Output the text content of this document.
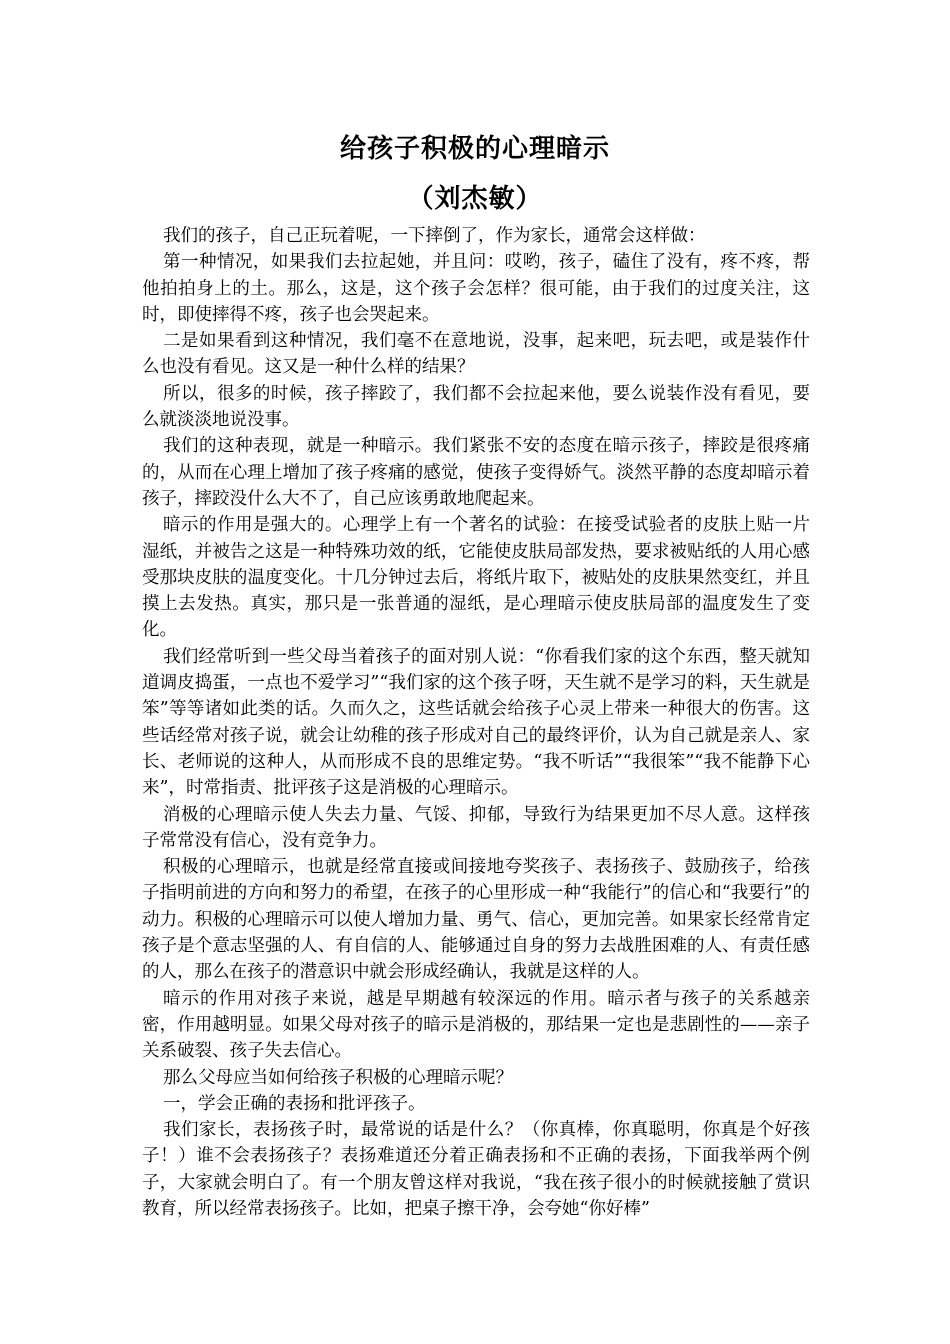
给孩子积极的心理暗示
（刘杰敏）

我们的孩子，自己正玩着呢，一下摔倒了，作为家长，通常会这样做：

第一种情况，如果我们去拉起她，并且问：哎哟，孩子，磕住了没有，疼不疼，帮他拍拍身上的土。那么，这是，这个孩子会怎样？很可能，由于我们的过度关注，这时，即使摔得不疼，孩子也会哭起来。

二是如果看到这种情况，我们毫不在意地说，没事，起来吧，玩去吧，或是装作什么也没有看见。这又是一种什么样的结果？

所以，很多的时候，孩子摔跤了，我们都不会拉起来他，要么说装作没有看见，要么就淡淡地说没事。

我们的这种表现，就是一种暗示。我们紧张不安的态度在暗示孩子，摔跤是很疼痛的，从而在心理上增加了孩子疼痛的感觉，使孩子变得娇气。淡然平静的态度却暗示着孩子，摔跤没什么大不了，自己应该勇敢地爬起来。

暗示的作用是强大的。心理学上有一个著名的试验：在接受试验者的皮肤上贴一片湿纸，并被告之这是一种特殊功效的纸，它能使皮肤局部发热，要求被贴纸的人用心感受那块皮肤的温度变化。十几分钟过去后，将纸片取下，被贴处的皮肤果然变红，并且摸上去发热。真实，那只是一张普通的湿纸，是心理暗示使皮肤局部的温度发生了变化。

我们经常听到一些父母当着孩子的面对别人说：“你看我们家的这个东西，整天就知道调皮捣蛋，一点也不爱学习”“我们家的这个孩子呀，天生就不是学习的料，天生就是笨”等等诸如此类的话。久而久之，这些话就会给孩子心灵上带来一种很大的伤害。这些话经常对孩子说，就会让幼稚的孩子形成对自己的最终评价，认为自己就是亲人、家长、老师说的这种人，从而形成不良的思维定势。“我不听话”“我很笨”“我不能静下心来”，时常指责、批评孩子这是消极的心理暗示。

消极的心理暗示使人失去力量、气馁、抑郁，导致行为结果更加不尽人意。这样孩子常常没有信心，没有竞争力。

积极的心理暗示，也就是经常直接或间接地夸奖孩子、表扬孩子、鼓励孩子，给孩子指明前进的方向和努力的希望，在孩子的心里形成一种“我能行”的信心和“我要行”的动力。积极的心理暗示可以使人增加力量、勇气、信心，更加完善。如果家长经常肯定孩子是个意志坚强的人、有自信的人、能够通过自身的努力去战胜困难的人、有责任感的人，那么在孩子的潜意识中就会形成经确认，我就是这样的人。

暗示的作用对孩子来说，越是早期越有较深远的作用。暗示者与孩子的关系越亲密，作用越明显。如果父母对孩子的暗示是消极的，那结果一定也是悲剧性的——亲子关系破裂、孩子失去信心。

那么父母应当如何给孩子积极的心理暗示呢？

一，学会正确的表扬和批评孩子。

我们家长，表扬孩子时，最常说的话是什么？（你真棒，你真聪明，你真是个好孩子！）谁不会表扬孩子？表扬难道还分着正确表扬和不正确的表扬，下面我举两个例子，大家就会明白了。有一个朋友曾这样对我说，“我在孩子很小的时候就接触了赏识教育，所以经常表扬孩子。比如，把桌子擦干净，会夸她“你好棒”
